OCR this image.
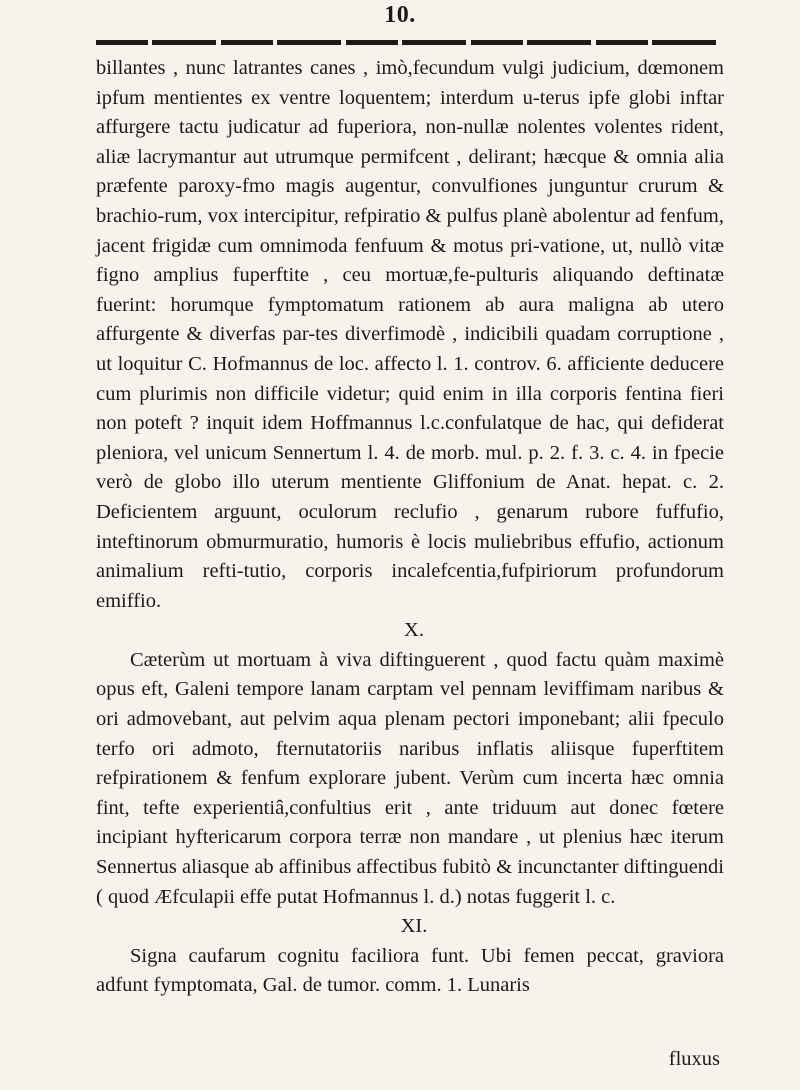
10.

billantes , nunc latrantes canes , imò,fecundum vulgi judicium, dœmonem ipfum mentientes ex ventre loquentem; interdum u-terus ipfe globi inftar affurgere tactu judicatur ad fuperiora, non-nullæ nolentes volentes rident, aliæ lacrymantur aut utrumque permifcent , delirant; hæcque & omnia alia præfente paroxy-fmo magis augentur, convulfiones junguntur crurum & brachio-rum, vox intercipitur, refpiratio & pulfus planè abolentur ad fenfum, jacent frigidæ cum omnimoda fenfuum & motus pri-vatione, ut, nullò vitæ figno amplius fuperftite , ceu mortuæ,fe-pulturis aliquando deftinatæ fuerint: horumque fymptomatum rationem ab aura maligna ab utero affurgente & diverfas par-tes diverfimodè , indicibili quadam corruptione , ut loquitur C. Hofmannus de loc. affecto l. 1. controv. 6. afficiente deducere cum plurimis non difficile videtur; quid enim in illa corporis fentina fieri non poteft ? inquit idem Hoffmannus l.c.confulatque de hac, qui defiderat pleniora, vel unicum Sennertum l. 4. de morb. mul. p. 2. f. 3. c. 4. in fpecie verò de globo illo uterum mentiente Gliffonium de Anat. hepat. c. 2. Deficientem arguunt, oculorum reclufio , genarum rubore fuffufio, inteftinorum obmurmuratio, humoris è locis muliebribus effufio, actionum animalium refti-tutio, corporis incalefcentia,fufpiriorum profundorum emiffio.

X.

Cæterùm ut mortuam à viva diftinguerent , quod factu quàm maximè opus eft, Galeni tempore lanam carptam vel pennam leviffimam naribus & ori admovebant, aut pelvim aqua plenam pectori imponebant; alii fpeculo terfo ori admoto, fternutatoriis naribus inflatis aliisque fuperftitem refpirationem & fenfum explorare jubent. Verùm cum incerta hæc omnia fint, tefte experientiâ,confultius erit , ante triduum aut donec fœtere incipiant hyftericarum corpora terræ non mandare , ut plenius hæc iterum Sennertus aliasque ab affinibus affectibus fubitò & incunctanter diftinguendi ( quod Æfculapii effe putat Hofmannus l. d.) notas fuggerit l. c.

XI.

Signa caufarum cognitu faciliora funt. Ubi femen peccat, graviora adfunt fymptomata, Gal. de tumor. comm. 1. Lunaris

fluxus
